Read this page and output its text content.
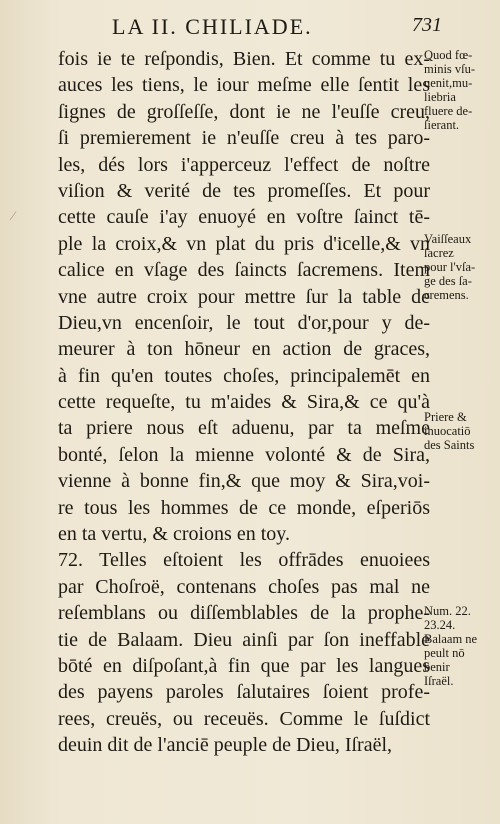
LA II. CHILIADE.	731
⁄
fois ie te reſpondis, Bien. Et comme tu ex-
auces les tiens, le iour meſme elle ſentit les
ſignes de groſſeſſe, dont ie ne l'euſſe creu,
ſi premierement ie n'euſſe creu à tes paro-
les, dés lors i'apperceuz l'effect de noſtre
viſion & verité de tes promeſſes. Et pour
cette cauſe i'ay enuoyé en voſtre ſainct tē-
ple la croix,& vn plat du pris d'icelle,& vn
calice en vſage des ſaincts ſacremens. Item
vne autre croix pour mettre ſur la table de
Dieu,vn encenſoir, le tout d'or,pour y de-
meurer à ton hōneur en action de graces,
à fin qu'en toutes choſes, principalemēt en
cette requeſte, tu m'aides & Sira,& ce qu'à
ta priere nous eſt aduenu, par ta meſme
bonté, ſelon la mienne volonté & de Sira,
vienne à bonne fin,& que moy & Sira,voi-
re tous les hommes de ce monde, eſperiōs
en ta vertu, & croions en toy.
72. Telles eſtoient les offrādes enuoiees
par Choſroë, contenans choſes pas mal ne
reſemblans ou diſſemblables de la prophe-
tie de Balaam. Dieu ainſi par ſon ineffable
bōté en diſpoſant,à fin que par les langues
des payens paroles ſalutaires ſoient profe-
rees, creuës, ou receuës. Comme le ſuſdict
deuin dit de l'anciē peuple de Dieu, Iſraël,
Quod fœ-
minis vſu-
uenit,mu-
liebria
fluere de-
ſierant.
Vaiſſeaux
ſacrez
pour l'vſa-
ge des ſa-
cremens.
Priere &
inuocatiō
des Saints
Num. 22.
23.24.
Balaam ne
peult nō
benir
Iſraël.
